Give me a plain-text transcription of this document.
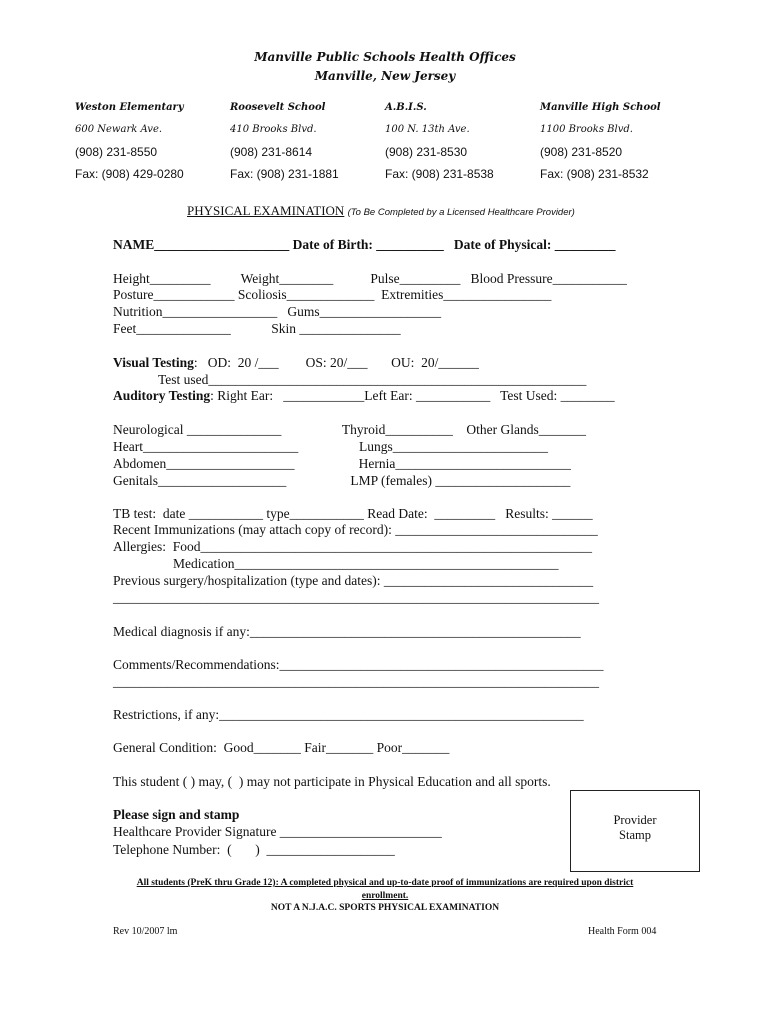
Manville Public Schools Health Offices
Manville, New Jersey
Weston Elementary	Roosevelt School	A.B.I.S.	Manville High School
600 Newark Ave.	410 Brooks Blvd.	100 N. 13th Ave.	1100 Brooks Blvd.
(908) 231-8550	(908) 231-8614	(908) 231-8530	(908) 231-8520
Fax: (908) 429-0280	Fax: (908) 231-1881	Fax: (908) 231-8538	Fax: (908) 231-8532
PHYSICAL EXAMINATION (To Be Completed by a Licensed Healthcare Provider)
NAME____________________ Date of Birth: __________   Date of Physical: _________
Height_________         Weight________           Pulse_________   Blood Pressure___________
Posture____________ Scoliosis_____________  Extremities________________
Nutrition_________________   Gums__________________
Feet______________            Skin _______________
Visual Testing:   OD:  20 /___        OS: 20/___       OU:  20/______
Test used________________________________________________________
Auditory Testing: Right Ear:   ____________Left Ear: ___________   Test Used: ________
Neurological ______________                  Thyroid__________    Other Glands_______
Heart_______________________                  Lungs_______________________
Abdomen___________________                   Hernia__________________________
Genitals___________________                   LMP (females) ____________________
TB test:  date ___________ type___________ Read Date:  _________   Results: ______
Recent Immunizations (may attach copy of record): ______________________________
Allergies:  Food__________________________________________________________
Medication________________________________________________
Previous surgery/hospitalization (type and dates): _______________________________
________________________________________________________________________
Medical diagnosis if any:_________________________________________________
Comments/Recommendations:________________________________________________
________________________________________________________________________
Restrictions, if any:______________________________________________________
General Condition:  Good_______ Fair_______ Poor_______
This student ( ) may, (  ) may not participate in Physical Education and all sports.
Please sign and stamp
Healthcare Provider Signature ________________________
Telephone Number:  (       )  ___________________
Provider
Stamp
All students (PreK thru Grade 12): A completed physical and up-to-date proof of immunizations are required upon district
enrollment.
NOT A N.J.A.C. SPORTS PHYSICAL EXAMINATION
Rev 10/2007 lm	Health Form 004
